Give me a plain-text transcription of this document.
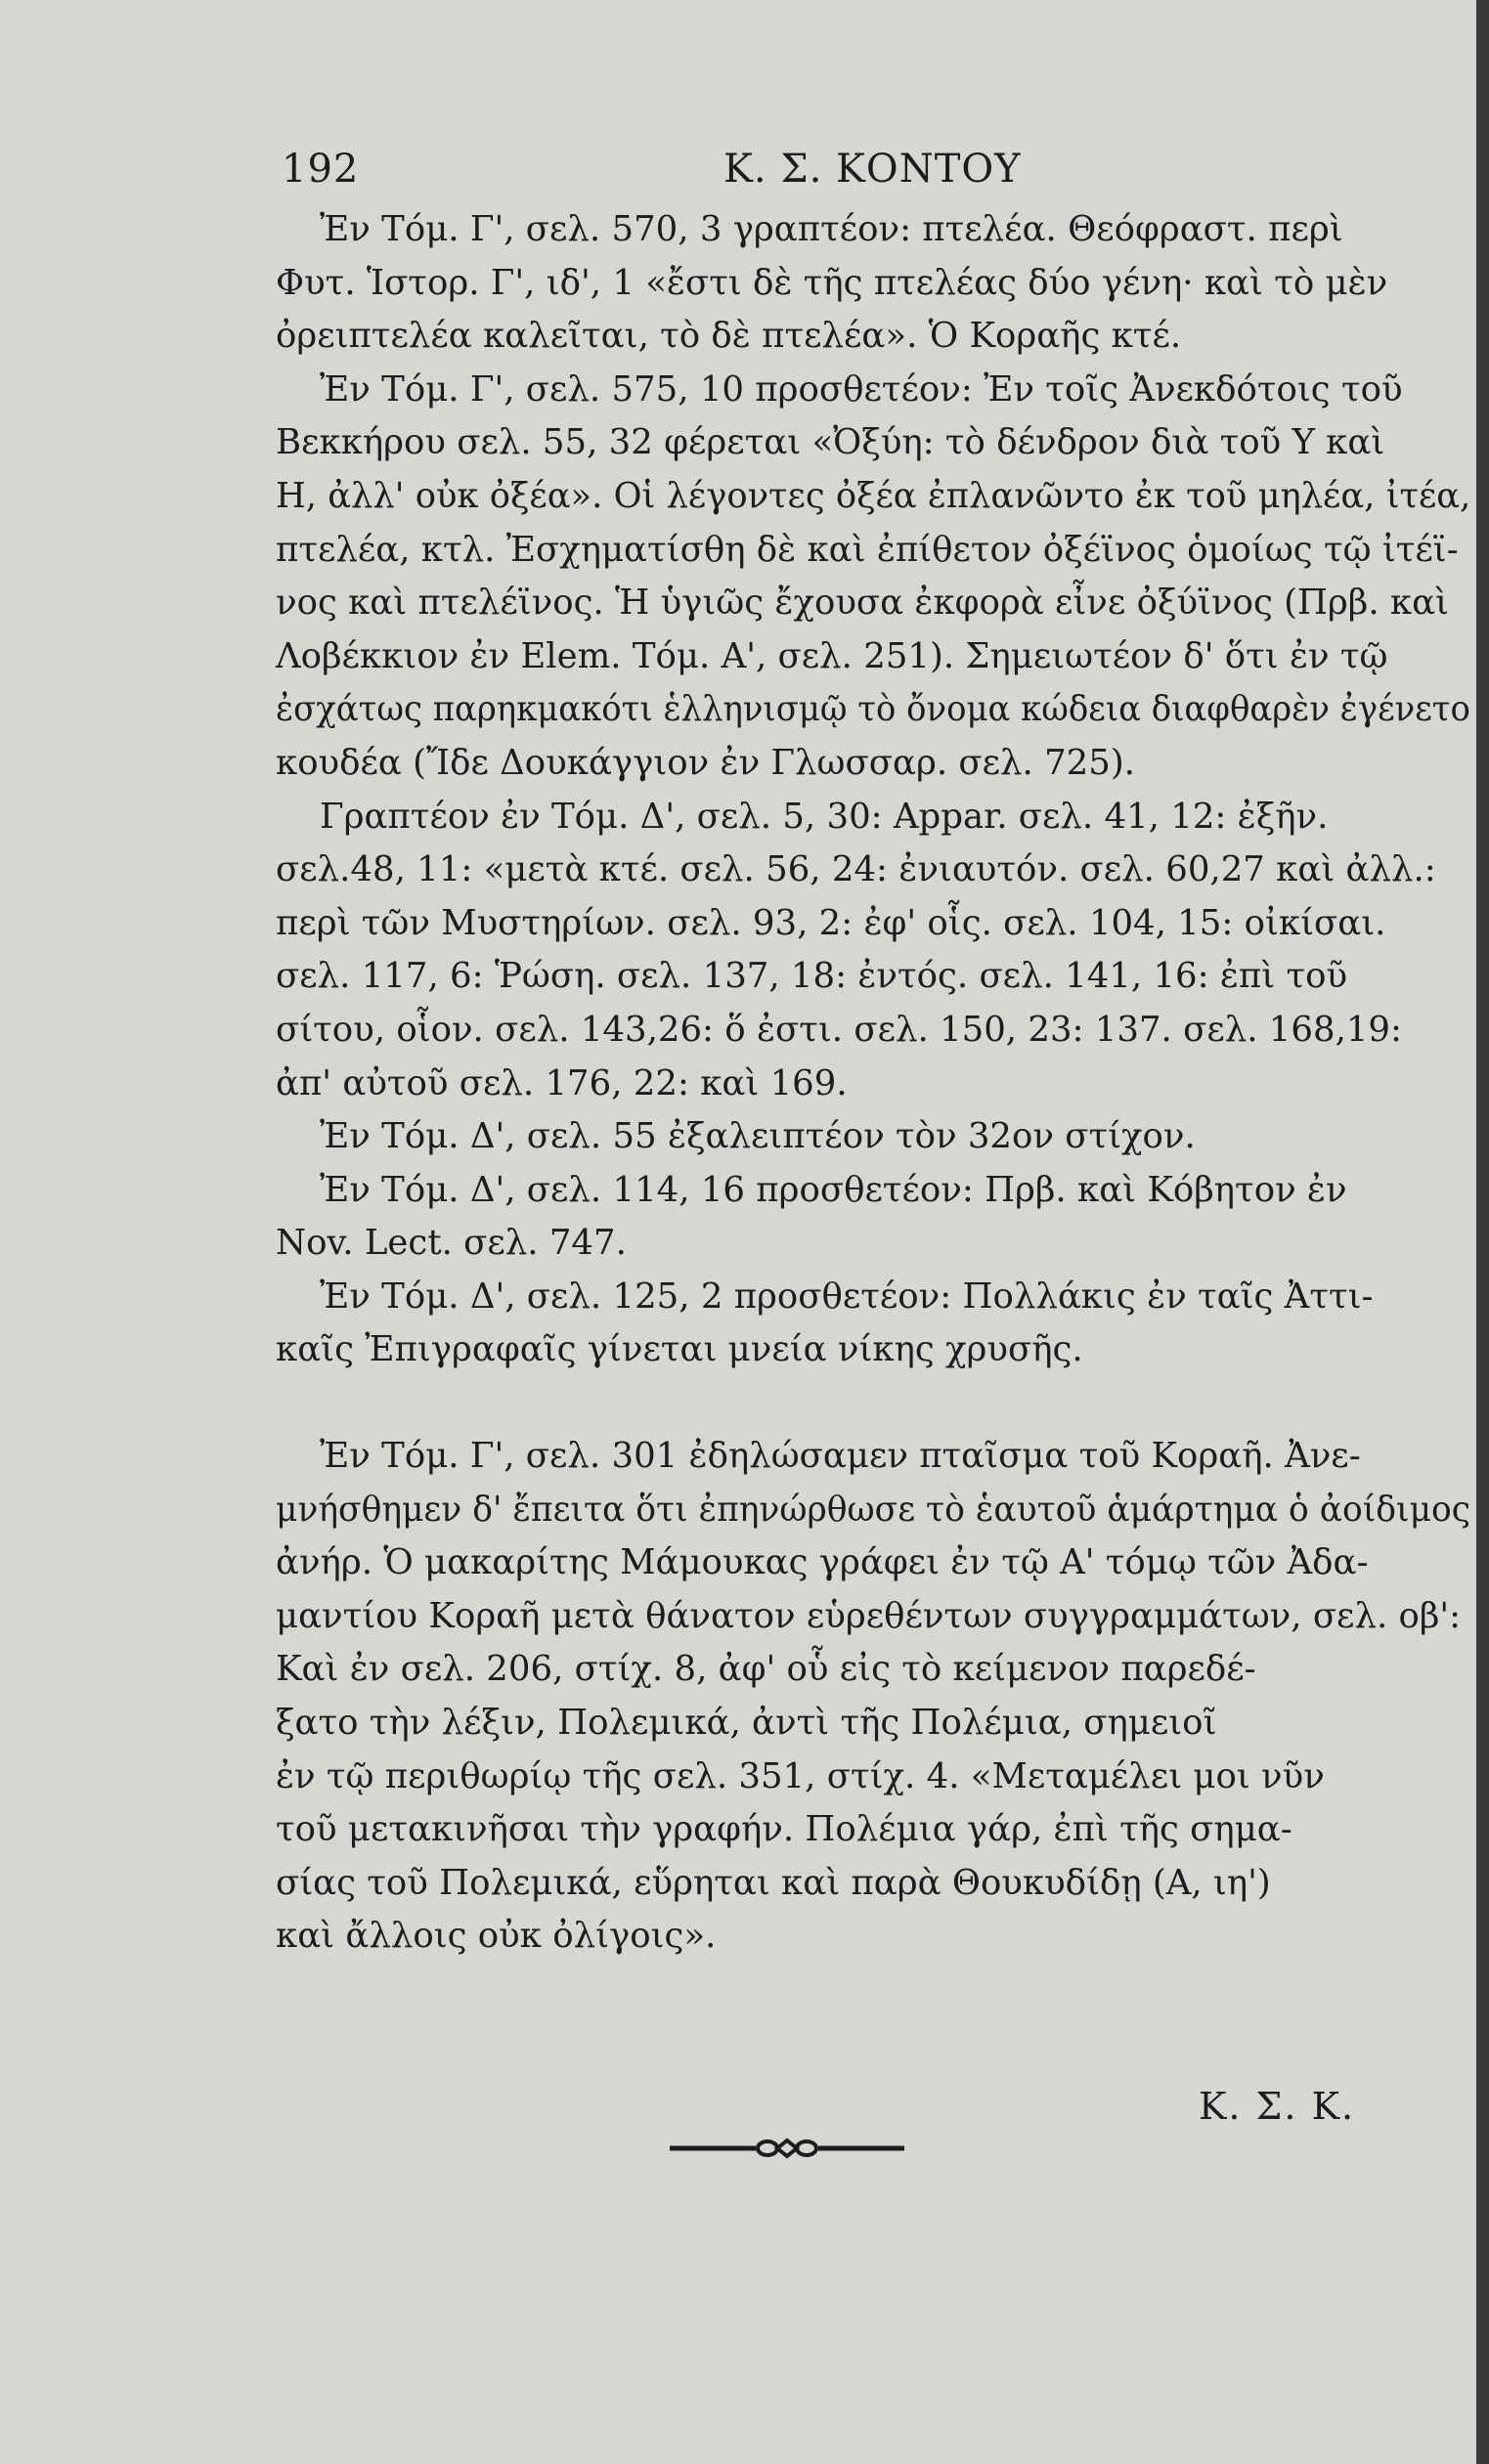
192	Κ. Σ. ΚΟΝΤΟΥ
Ἐν Τόμ. Γ', σελ. 570, 3 γραπτέον: πτελέα. Θεόφραστ. περὶ
Φυτ. Ἱστορ. Γ', ιδ', 1 «ἔστι δὲ τῆς πτελέας δύο γένη· καὶ τὸ μὲν
ὀρειπτελέα καλεῖται, τὸ δὲ πτελέα». Ὁ Κοραῆς κτέ.
Ἐν Τόμ. Γ', σελ. 575, 10 προσθετέον: Ἐν τοῖς Ἀνεκδότοις τοῦ
Βεκκήρου σελ. 55, 32 φέρεται «Ὀξύη: τὸ δένδρον διὰ τοῦ Υ καὶ
Η, ἀλλ' οὐκ ὀξέα». Οἱ λέγοντες ὀξέα ἐπλανῶντο ἐκ τοῦ μηλέα, ἰτέα,
πτελέα, κτλ. Ἐσχηματίσθη δὲ καὶ ἐπίθετον ὀξέϊνος ὁμοίως τῷ ἰτέϊ-
νος καὶ πτελέϊνος. Ἡ ὑγιῶς ἔχουσα ἐκφορὰ εἶνε ὀξύϊνος (Πρβ. καὶ
Λοβέκκιον ἐν Elem. Τόμ. Α', σελ. 251). Σημειωτέον δ' ὅτι ἐν τῷ
ἐσχάτως παρηκμακότι ἑλληνισμῷ τὸ ὄνομα κώδεια διαφθαρὲν ἐγένετο
κουδέα (Ἴδε Δουκάγγιον ἐν Γλωσσαρ. σελ. 725).
Γραπτέον ἐν Τόμ. Δ', σελ. 5, 30: Appar. σελ. 41, 12: ἐξῆν.
σελ.48, 11: «μετὰ κτέ. σελ. 56, 24: ἐνιαυτόν. σελ. 60,27 καὶ ἀλλ.:
περὶ τῶν Μυστηρίων. σελ. 93, 2: ἐφ' οἷς. σελ. 104, 15: οἰκίσαι.
σελ. 117, 6: Ῥώση. σελ. 137, 18: ἐντός. σελ. 141, 16: ἐπὶ τοῦ
σίτου, οἷον. σελ. 143,26: ὅ ἐστι. σελ. 150, 23: 137. σελ. 168,19:
ἀπ' αὐτοῦ σελ. 176, 22: καὶ 169.
Ἐν Τόμ. Δ', σελ. 55 ἐξαλειπτέον τὸν 32ον στίχον.
Ἐν Τόμ. Δ', σελ. 114, 16 προσθετέον: Πρβ. καὶ Κόβητον ἐν
Nov. Lect. σελ. 747.
Ἐν Τόμ. Δ', σελ. 125, 2 προσθετέον: Πολλάκις ἐν ταῖς Ἀττι-
καῖς Ἐπιγραφαῖς γίνεται μνεία νίκης χρυσῆς.
Ἐν Τόμ. Γ', σελ. 301 ἐδηλώσαμεν πταῖσμα τοῦ Κοραῆ. Ἀνε-
μνήσθημεν δ' ἔπειτα ὅτι ἐπηνώρθωσε τὸ ἑαυτοῦ ἁμάρτημα ὁ ἀοίδιμος
ἀνήρ. Ὁ μακαρίτης Μάμουκας γράφει ἐν τῷ Α' τόμῳ τῶν Ἀδα-
μαντίου Κοραῆ μετὰ θάνατον εὑρεθέντων συγγραμμάτων, σελ. οβ':
Καὶ ἐν σελ. 206, στίχ. 8, ἀφ' οὗ εἰς τὸ κείμενον παρεδέ-
ξατο τὴν λέξιν, Πολεμικά, ἀντὶ τῆς Πολέμια, σημειοῖ
ἐν τῷ περιθωρίῳ τῆς σελ. 351, στίχ. 4. «Μεταμέλει μοι νῦν
τοῦ μετακινῆσαι τὴν γραφήν. Πολέμια γάρ, ἐπὶ τῆς σημα-
σίας τοῦ Πολεμικά, εὕρηται καὶ παρὰ Θουκυδίδῃ (Α, ιη')
καὶ ἄλλοις οὐκ ὀλίγοις».
Κ. Σ. Κ.
